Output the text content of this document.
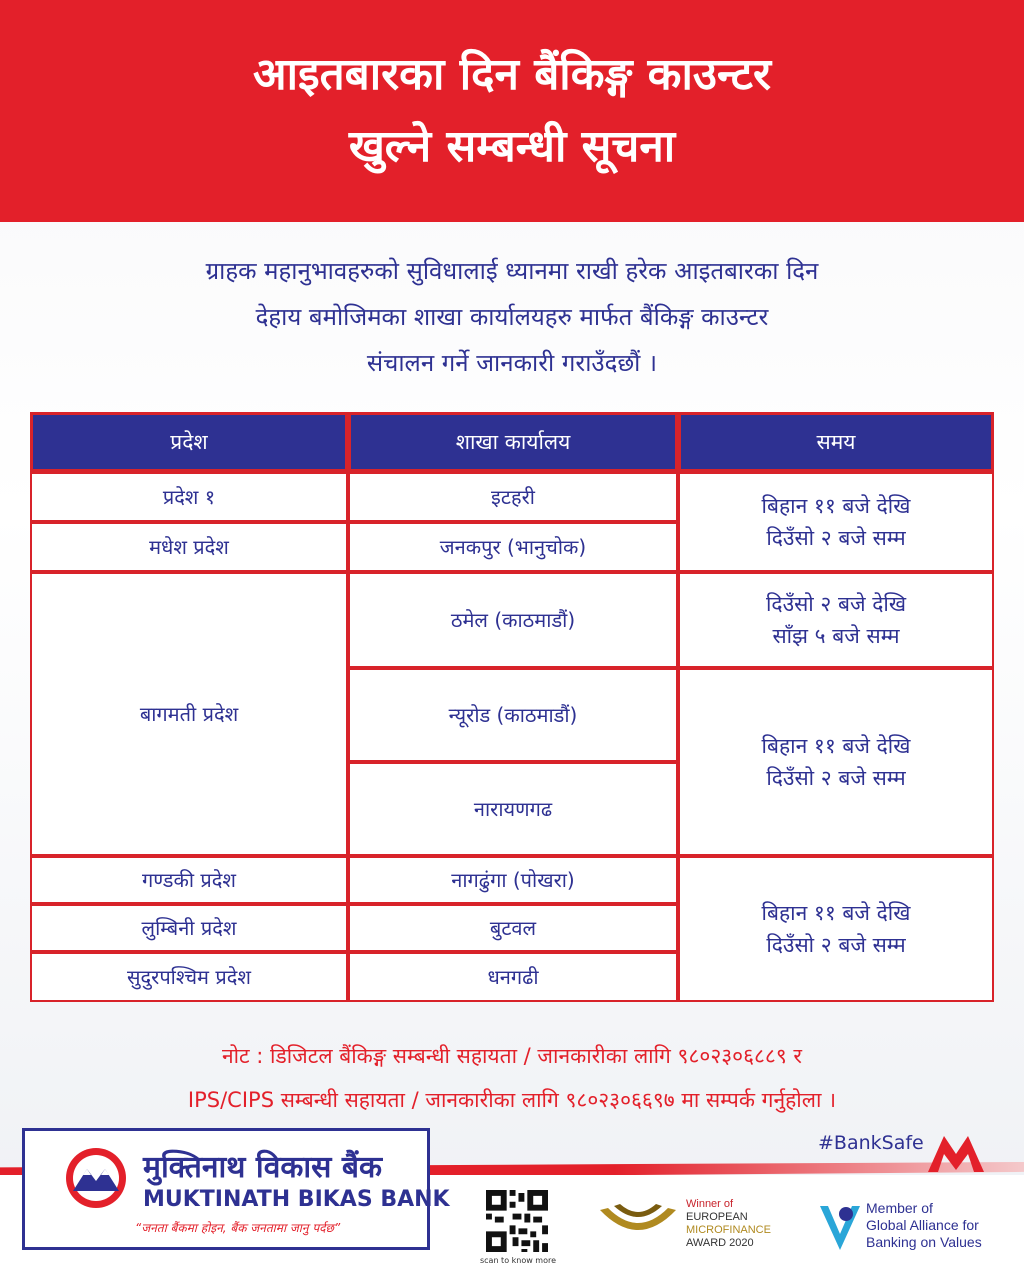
आइतबारका दिन बैंकिङ्ग काउन्टर
खुल्ने सम्बन्धी सूचना
ग्राहक महानुभावहरुको सुविधालाई ध्यानमा राखी हरेक आइतबारका दिन
देहाय बमोजिमका शाखा कार्यालयहरु मार्फत बैंकिङ्ग काउन्टर
संचालन गर्ने जानकारी गराउँदछौं ।
प्रदेश	शाखा कार्यालय	समय
प्रदेश १
मधेश प्रदेश
बागमती प्रदेश
गण्डकी प्रदेश
लुम्बिनी प्रदेश
सुदुरपश्चिम प्रदेश
इटहरी
जनकपुर (भानुचोक)
ठमेल (काठमाडौं)
न्यूरोड (काठमाडौं)
नारायणगढ
नागढुंगा (पोखरा)
बुटवल
धनगढी
बिहान ११ बजे देखि
दिउँसो २ बजे सम्म
दिउँसो २ बजे देखि
साँझ ५ बजे सम्म
बिहान ११ बजे देखि
दिउँसो २ बजे सम्म
बिहान ११ बजे देखि
दिउँसो २ बजे सम्म
नोट : डिजिटल बैंकिङ्ग सम्बन्धी सहायता / जानकारीका लागि ९८०२३०६८८९ र
IPS/CIPS सम्बन्धी सहायता / जानकारीका लागि ९८०२३०६६९७ मा सम्पर्क गर्नुहोला ।
मुक्तिनाथ विकास बैंक
MUKTINATH BIKAS BANK
“जनता बैंकमा होइन, बैंक जनतामा जानु पर्दछ”
#BankSafe
scan to know more
Winner of
EUROPEAN
MICROFINANCE
AWARD 2020
Member of
Global Alliance for
Banking on Values
